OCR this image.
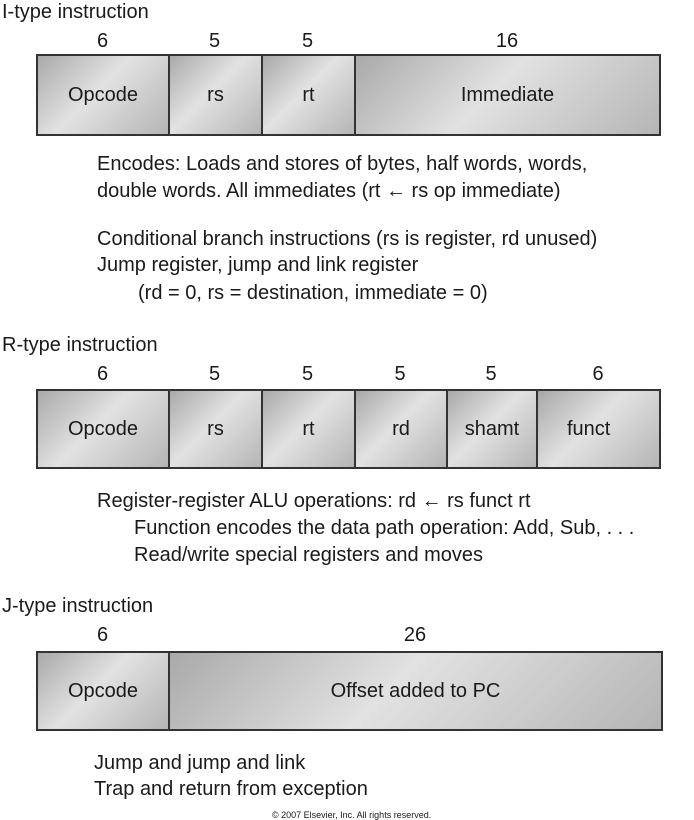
I-type instruction
6	5	5	16
Opcode	rs	rt	Immediate
Encodes: Loads and stores of bytes, half words, words,
double words. All immediates (rt ← rs op immediate)
Conditional branch instructions (rs is register, rd unused)
Jump register, jump and link register
(rd = 0, rs = destination, immediate = 0)
R-type instruction
6	5	5	5	5	6
Opcode	rs	rt	rd	shamt	funct
Register-register ALU operations: rd ← rs funct rt
Function encodes the data path operation: Add, Sub, . . .
Read/write special registers and moves
J-type instruction
6	26
Opcode	Offset added to PC
Jump and jump and link
Trap and return from exception
© 2007 Elsevier, Inc. All rights reserved.
